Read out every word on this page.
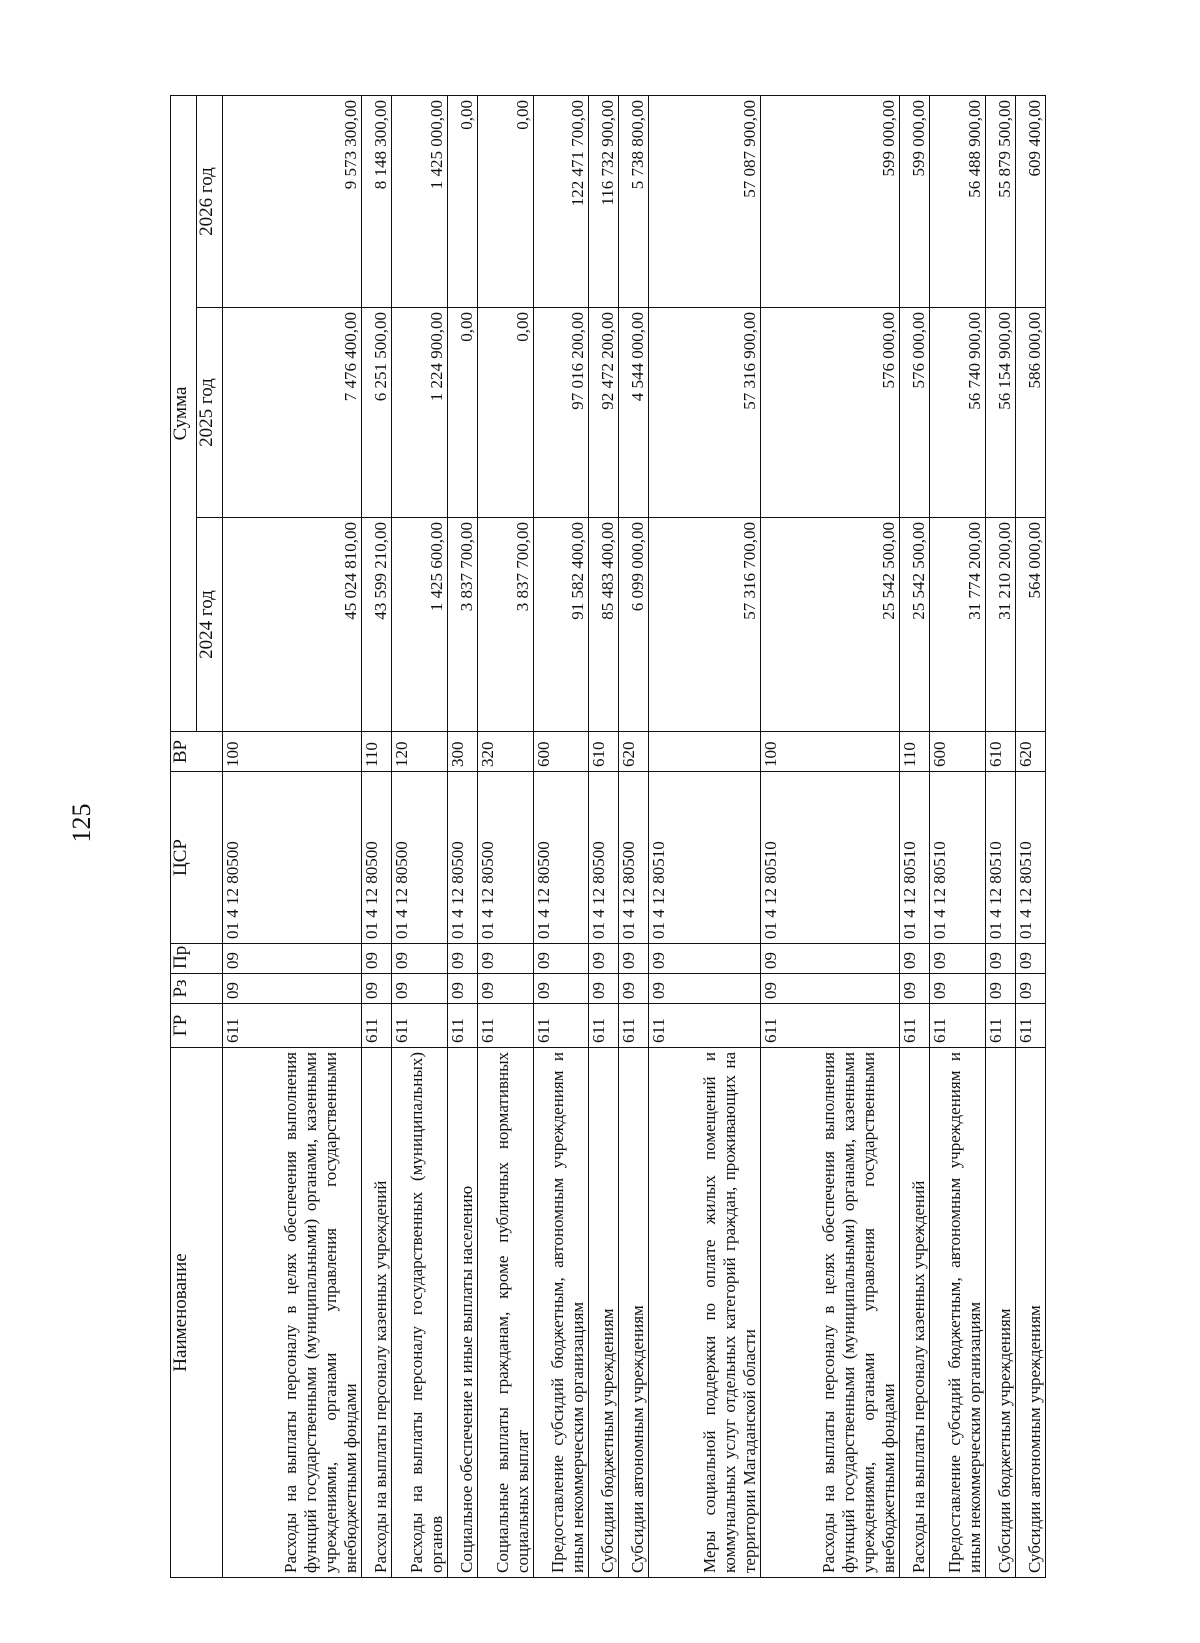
125
Наименование	ГР	Рз	Пр	ЦСР	ВР	Сумма		
						2024 год	2025 год	2026 год
Расходы на выплаты персоналу в целях обеспечения выполнения функций государственными (муниципальными) органами, казенными учреждениями, органами управления государственными внебюджетными фондами	611	09	09	01 4 12 80500	100	45 024 810,00	7 476 400,00	9 573 300,00
Расходы на выплаты персоналу казенных учреждений	611	09	09	01 4 12 80500	110	43 599 210,00	6 251 500,00	8 148 300,00
Расходы на выплаты персоналу государственных (муниципальных) органов	611	09	09	01 4 12 80500	120	1 425 600,00	1 224 900,00	1 425 000,00
Социальное обеспечение и иные выплаты населению	611	09	09	01 4 12 80500	300	3 837 700,00	0,00	0,00
Социальные выплаты гражданам, кроме публичных нормативных социальных выплат	611	09	09	01 4 12 80500	320	3 837 700,00	0,00	0,00
Предоставление субсидий бюджетным, автономным учреждениям и иным некоммерческим организациям	611	09	09	01 4 12 80500	600	91 582 400,00	97 016 200,00	122 471 700,00
Субсидии бюджетным учреждениям	611	09	09	01 4 12 80500	610	85 483 400,00	92 472 200,00	116 732 900,00
Субсидии автономным учреждениям	611	09	09	01 4 12 80500	620	6 099 000,00	4 544 000,00	5 738 800,00
Меры социальной поддержки по оплате жилых помещений и коммунальных услуг отдельных категорий граждан, проживающих на территории Магаданской области	611	09	09	01 4 12 80510		57 316 700,00	57 316 900,00	57 087 900,00
Расходы на выплаты персоналу в целях обеспечения выполнения функций государственными (муниципальными) органами, казенными учреждениями, органами управления государственными внебюджетными фондами	611	09	09	01 4 12 80510	100	25 542 500,00	576 000,00	599 000,00
Расходы на выплаты персоналу казенных учреждений	611	09	09	01 4 12 80510	110	25 542 500,00	576 000,00	599 000,00
Предоставление субсидий бюджетным, автономным учреждениям и иным некоммерческим организациям	611	09	09	01 4 12 80510	600	31 774 200,00	56 740 900,00	56 488 900,00
Субсидии бюджетным учреждениям	611	09	09	01 4 12 80510	610	31 210 200,00	56 154 900,00	55 879 500,00
Субсидии автономным учреждениям	611	09	09	01 4 12 80510	620	564 000,00	586 000,00	609 400,00
